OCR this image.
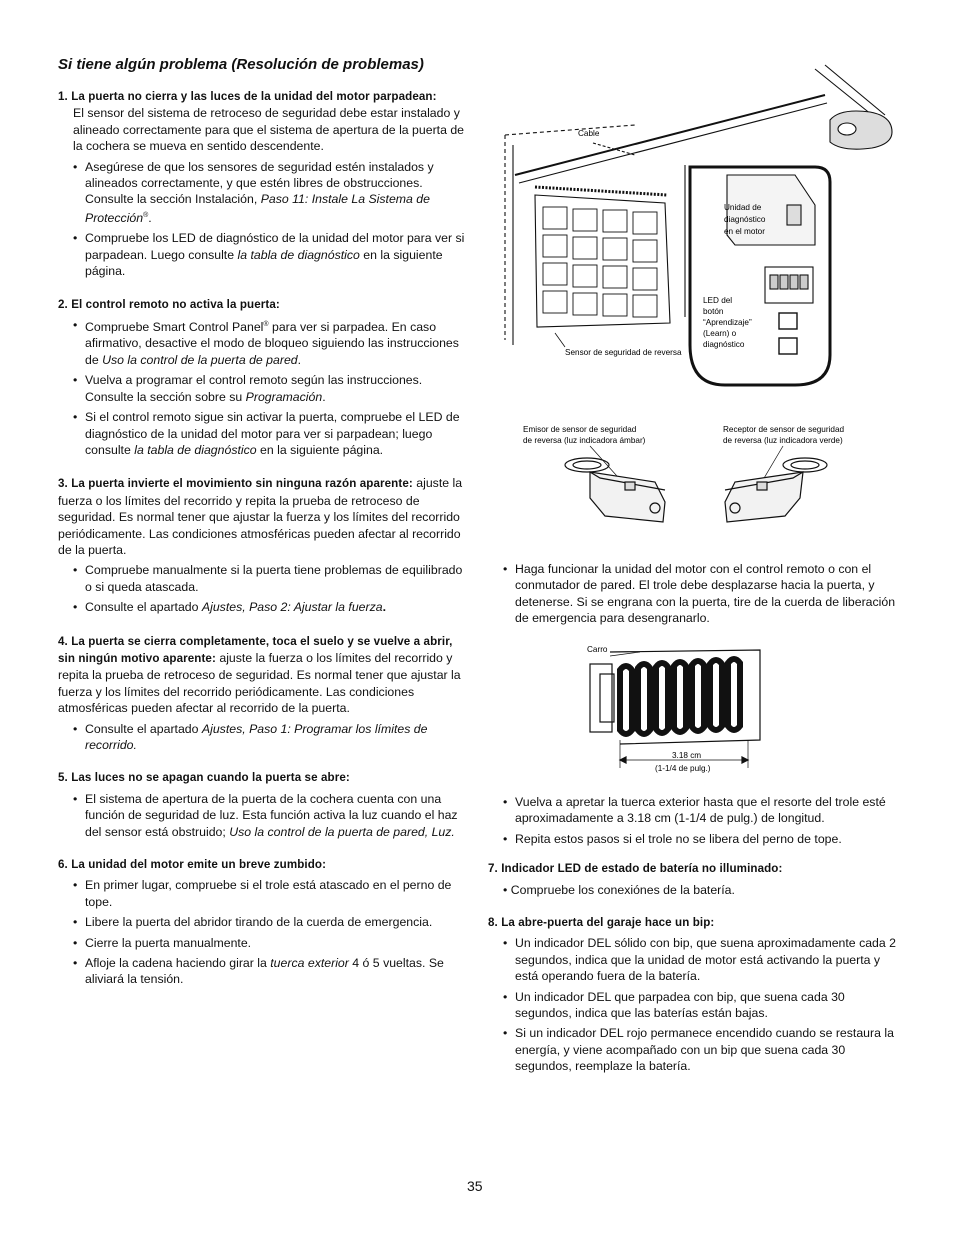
Si tiene algún problema (Resolución de problemas)

1. La puerta no cierra y las luces de la unidad del motor parpadean:

El sensor del sistema de retroceso de seguridad debe estar instalado y alineado correctamente para que el sistema de apertura de la puerta de la cochera se mueva en sentido descendente.

• Asegúrese de que los sensores de seguridad estén instalados y alineados correctamente, y que estén libres de obstrucciones. Consulte la sección Instalación, Paso 11: Instale La Sistema de Protección®.
• Compruebe los LED de diagnóstico de la unidad del motor para ver si parpadean. Luego consulte la tabla de diagnóstico en la siguiente página.

2. El control remoto no activa la puerta:

• Compruebe Smart Control Panel® para ver si parpadea. En caso afirmativo, desactive el modo de bloqueo siguiendo las instrucciones de Uso la control de la puerta de pared.
• Vuelva a programar el control remoto según las instrucciones. Consulte la sección sobre su Programación.
• Si el control remoto sigue sin activar la puerta, compruebe el LED de diagnóstico de la unidad del motor para ver si parpadean; luego consulte la tabla de diagnóstico en la siguiente página.

3. La puerta invierte el movimiento sin ninguna razón aparente: ajuste la fuerza o los límites del recorrido y repita la prueba de retroceso de seguridad. Es normal tener que ajustar la fuerza y los límites del recorrido periódicamente. Las condiciones atmosféricas pueden afectar al recorrido de la puerta.

• Compruebe manualmente si la puerta tiene problemas de equilibrado o si queda atascada.
• Consulte el apartado Ajustes, Paso 2: Ajustar la fuerza.

4. La puerta se cierra completamente, toca el suelo y se vuelve a abrir, sin ningún motivo aparente: ajuste la fuerza o los límites del recorrido y repita la prueba de retroceso de seguridad. Es normal tener que ajustar la fuerza y los límites del recorrido periódicamente. Las condiciones atmosféricas pueden afectar al recorrido de la puerta.

• Consulte el apartado Ajustes, Paso 1: Programar los límites de recorrido.

5. Las luces no se apagan cuando la puerta se abre:

• El sistema de apertura de la puerta de la cochera cuenta con una función de seguridad de luz. Esta función activa la luz cuando el haz del sensor está obstruido; Uso la control de la puerta de pared, Luz.

6. La unidad del motor emite un breve zumbido:

• En primer lugar, compruebe si el trole está atascado en el perno de tope.
• Libere la puerta del abridor tirando de la cuerda de emergencia.
• Cierre la puerta manualmente.
• Afloje la cadena haciendo girar la tuerca exterior 4 ó 5 vueltas. Se aliviará la tensión.
Cable
Unidad de
diagnóstico
en el motor
LED del
botón
“Aprendizaje”
(Learn) o
diagnóstico
Sensor de seguridad de reversa
Emisor de sensor de seguridad
de reversa (luz indicadora ámbar)
Receptor de sensor de seguridad
de reversa (luz indicadora verde)
• Haga funcionar la unidad del motor con el control remoto o con el conmutador de pared. El trole debe desplazarse hacia la puerta, y detenerse. Si se engrana con la puerta, tire de la cuerda de liberación de emergencia para desengranarlo.
Carro
3.18 cm
(1-1/4 de pulg.)
• Vuelva a apretar la tuerca exterior hasta que el resorte del trole esté aproximadamente a 3.18 cm (1-1/4 de pulg.) de longitud.
• Repita estos pasos si el trole no se libera del perno de tope.

7. Indicador LED de estado de batería no illuminado:

• Compruebe los conexiónes de la batería.

8. La abre-puerta del garaje hace un bip:

• Un indicador DEL sólido con bip, que suena aproximadamente cada 2 segundos, indica que la unidad de motor está activando la puerta y está operando fuera de la batería.
• Un indicador DEL que parpadea con bip, que suena cada 30 segundos, indica que las baterías están bajas.
• Si un indicador DEL rojo permanece encendido cuando se restaura la energía, y viene acompañado con un bip que suena cada 30 segundos, reemplaze la batería.
35
